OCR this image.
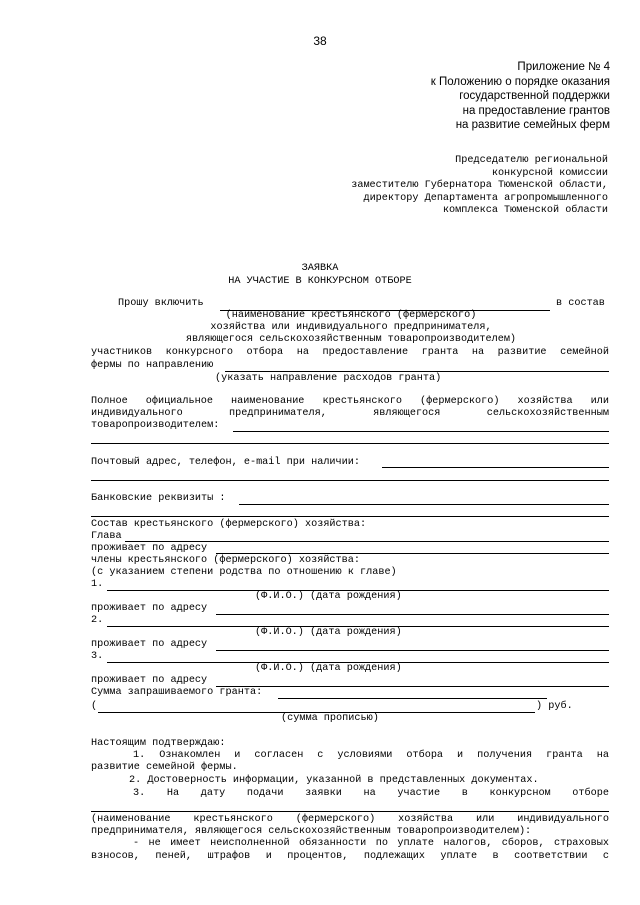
38
Приложение № 4
к Положению о порядке оказания
государственной поддержки
на предоставление грантов
на развитие семейных ферм
Председателю региональной
конкурсной комиссии
заместителю Губернатора Тюменской области,
директору Департамента агропромышленного
комплекса Тюменской области
ЗАЯВКА
НА УЧАСТИЕ В КОНКУРСНОМ ОТБОРЕ
Прошу включить	в состав
(наименование крестьянского (фермерского)
хозяйства или индивидуального предпринимателя,
являющегося сельскохозяйственным товаропроизводителем)
участников конкурсного отбора на предоставление гранта на развитие семейной
фермы по направлению
(указать направление расходов гранта)
Полное официальное наименование крестьянского (фермерского) хозяйства или
индивидуального предпринимателя, являющегося сельскохозяйственным
товаропроизводителем:
Почтовый адрес, телефон, e-mail при наличии:
Банковские реквизиты :
Состав крестьянского (фермерского) хозяйства:
Глава
проживает по адресу
члены крестьянского (фермерского) хозяйства:
(с указанием степени родства по отношению к главе)
1.
(Ф.И.О.) (дата рождения)
проживает по адресу
2.
(Ф.И.О.) (дата рождения)
проживает по адресу
3.
(Ф.И.О.) (дата рождения)
проживает по адресу
Сумма запрашиваемого гранта:
(	) руб.
(сумма прописью)
Настоящим подтверждаю:
1. Ознакомлен и согласен с условиями отбора и получения гранта на
развитие семейной фермы.
2. Достоверность информации, указанной в представленных документах.
3. На дату подачи заявки на участие в конкурсном отборе
(наименование крестьянского (фермерского) хозяйства или индивидуального
предпринимателя, являющегося сельскохозяйственным товаропроизводителем):
- не имеет неисполненной обязанности по уплате налогов, сборов, страховых
взносов, пеней, штрафов и процентов, подлежащих уплате в соответствии с
